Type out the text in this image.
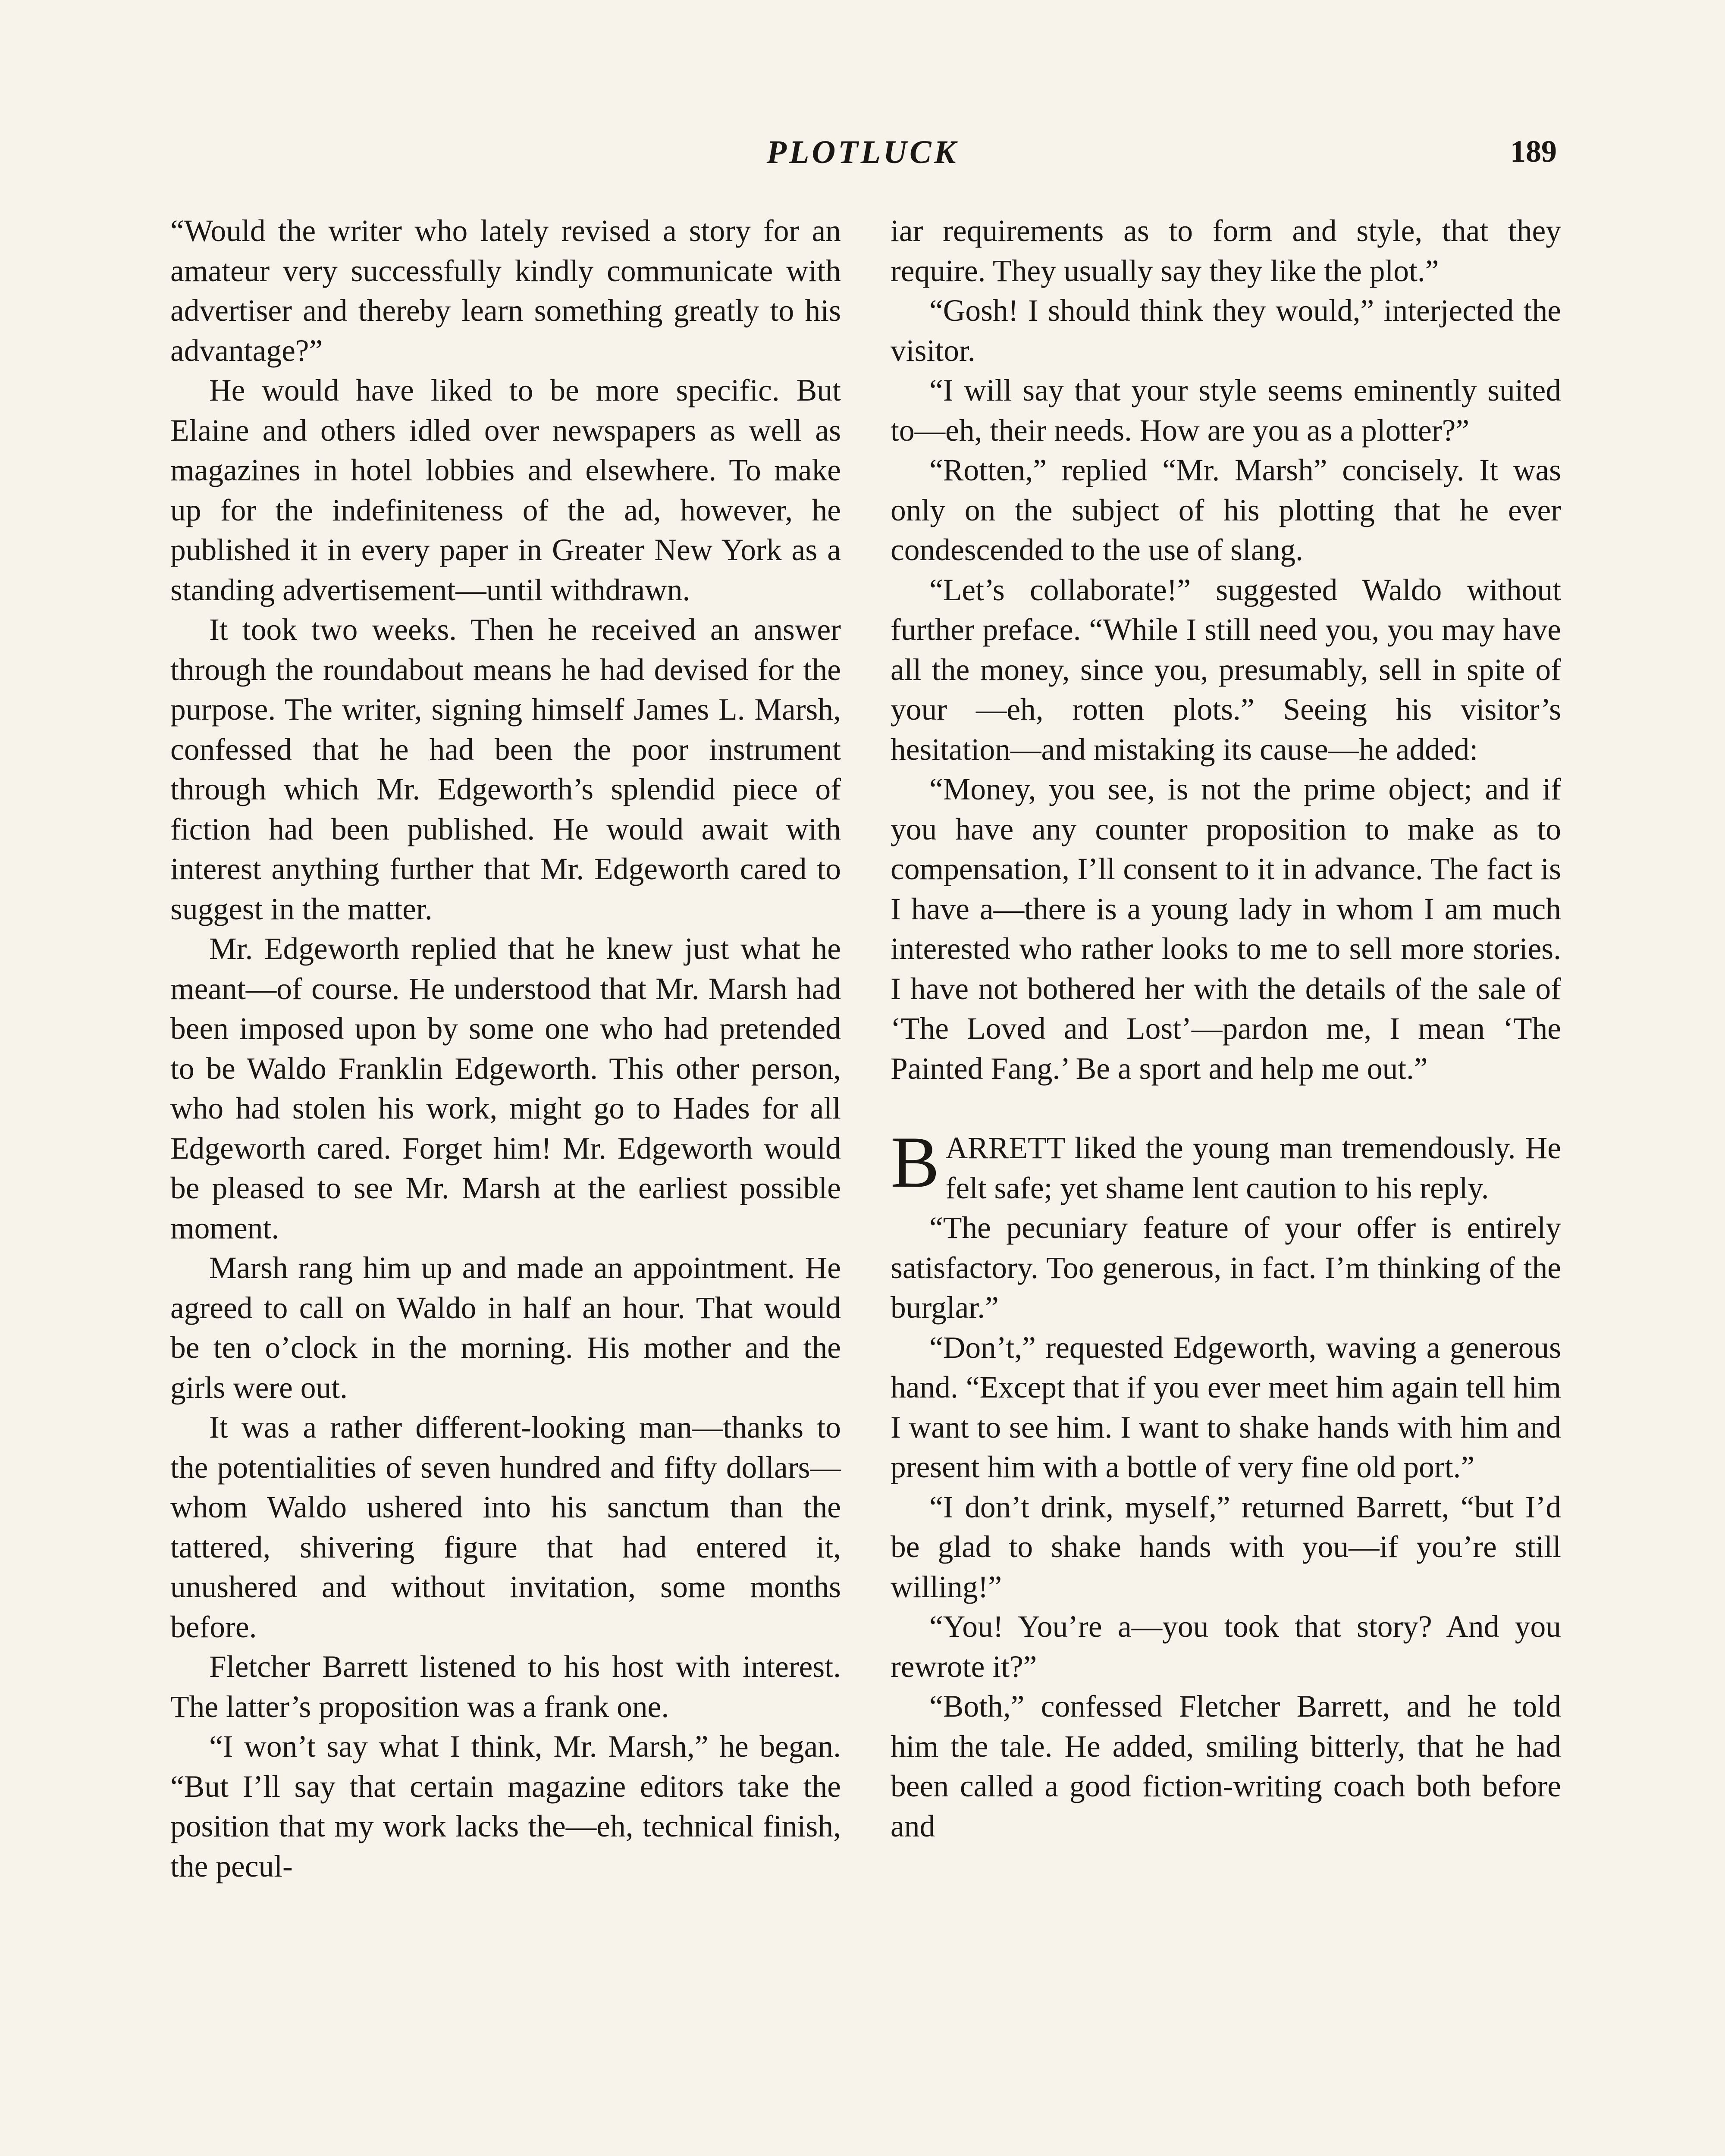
PLOTLUCK	189

“Would the writer who lately revised a story for an amateur very successfully kindly communicate with advertiser and thereby learn something greatly to his advantage?”

He would have liked to be more specific. But Elaine and others idled over newspapers as well as magazines in hotel lobbies and elsewhere. To make up for the indefiniteness of the ad, however, he published it in every paper in Greater New York as a standing advertisement—until withdrawn.

It took two weeks. Then he received an answer through the roundabout means he had devised for the purpose. The writer, signing himself James L. Marsh, confessed that he had been the poor instrument through which Mr. Edgeworth’s splendid piece of fiction had been published. He would await with interest anything further that Mr. Edgeworth cared to suggest in the matter.

Mr. Edgeworth replied that he knew just what he meant—of course. He understood that Mr. Marsh had been imposed upon by some one who had pretended to be Waldo Franklin Edgeworth. This other person, who had stolen his work, might go to Hades for all Edgeworth cared. Forget him! Mr. Edgeworth would be pleased to see Mr. Marsh at the earliest possible moment.

Marsh rang him up and made an appointment. He agreed to call on Waldo in half an hour. That would be ten o’clock in the morning. His mother and the girls were out.

It was a rather different-looking man—thanks to the potentialities of seven hundred and fifty dollars—whom Waldo ushered into his sanctum than the tattered, shivering figure that had entered it, unushered and without invitation, some months before.

Fletcher Barrett listened to his host with interest. The latter’s proposition was a frank one.

“I won’t say what I think, Mr. Marsh,” he began. “But I’ll say that certain magazine editors take the position that my work lacks the—eh, technical finish, the pecul-

iar requirements as to form and style, that they require. They usually say they like the plot.”

“Gosh! I should think they would,” interjected the visitor.

“I will say that your style seems eminently suited to—eh, their needs. How are you as a plotter?”

“Rotten,” replied “Mr. Marsh” concisely. It was only on the subject of his plotting that he ever condescended to the use of slang.

“Let’s collaborate!” suggested Waldo without further preface. “While I still need you, you may have all the money, since you, presumably, sell in spite of your —eh, rotten plots.” Seeing his visitor’s hesitation—and mistaking its cause—he added:

“Money, you see, is not the prime object; and if you have any counter proposition to make as to compensation, I’ll consent to it in advance. The fact is I have a—there is a young lady in whom I am much interested who rather looks to me to sell more stories. I have not bothered her with the details of the sale of ‘The Loved and Lost’—pardon me, I mean ‘The Painted Fang.’ Be a sport and help me out.”

BARRETT liked the young man tremendously. He felt safe; yet shame lent caution to his reply.

“The pecuniary feature of your offer is entirely satisfactory. Too generous, in fact. I’m thinking of the burglar.”

“Don’t,” requested Edgeworth, waving a generous hand. “Except that if you ever meet him again tell him I want to see him. I want to shake hands with him and present him with a bottle of very fine old port.”

“I don’t drink, myself,” returned Barrett, “but I’d be glad to shake hands with you—if you’re still willing!”

“You! You’re a—you took that story? And you rewrote it?”

“Both,” confessed Fletcher Barrett, and he told him the tale. He added, smiling bitterly, that he had been called a good fiction-writing coach both before and
